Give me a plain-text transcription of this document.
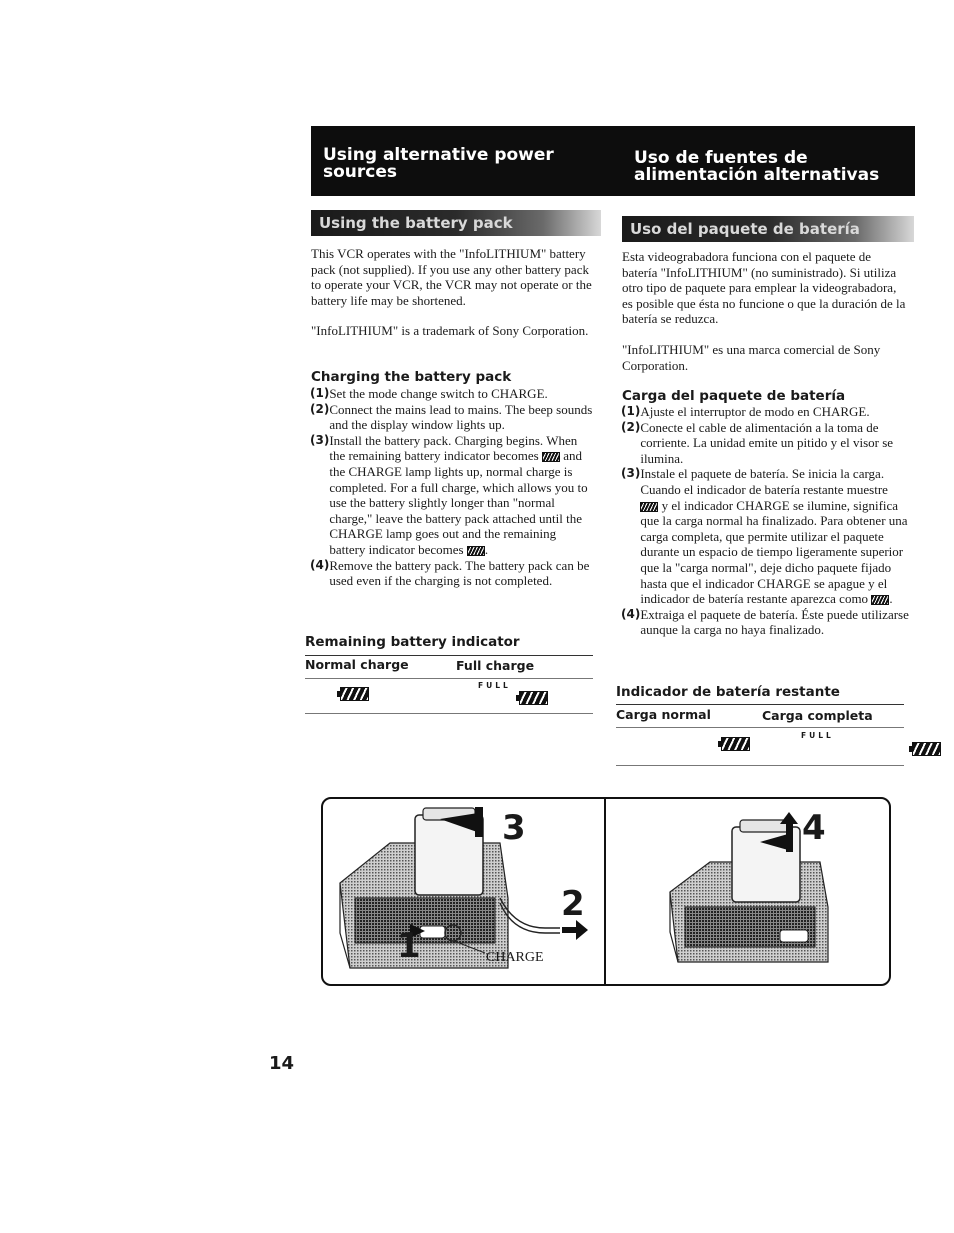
Using alternative power sources
Uso de fuentes de alimentación alternativas
Using the battery pack
This VCR operates with the "InfoLITHIUM" battery pack (not supplied). If you use any other battery pack to operate your VCR, the VCR may not operate or the battery life may be shortened.
"InfoLITHIUM" is a trademark of Sony Corporation.
Charging the battery pack
(1) Set the mode change switch to CHARGE.
(2) Connect the mains lead to mains. The beep sounds and the display window lights up.
(3) Install the battery pack. Charging begins. When the remaining battery indicator becomes and the CHARGE lamp lights up, normal charge is completed. For a full charge, which allows you to use the battery slightly longer than "normal charge," leave the battery pack attached until the CHARGE lamp goes out and the remaining battery indicator becomes .
(4) Remove the battery pack. The battery pack can be used even if the charging is not completed.
Remaining battery indicator
Normal charge	Full charge

FULL

Uso del paquete de batería
Esta videograbadora funciona con el paquete de batería "InfoLITHIUM" (no suministrado). Si utiliza otro tipo de paquete para emplear la videograbadora, es posible que ésta no funcione o que la duración de la batería se reduzca.
"InfoLITHIUM" es una marca comercial de Sony Corporation.
Carga del paquete de batería
(1) Ajuste el interruptor de modo en CHARGE.
(2) Conecte el cable de alimentación a la toma de corriente. La unidad emite un pitido y el visor se ilumina.
(3) Instale el paquete de batería. Se inicia la carga. Cuando el indicador de batería restante muestre  y el indicador CHARGE se ilumine, significa que la carga normal ha finalizado. Para obtener una carga completa, que permite utilizar el paquete durante un espacio de tiempo ligeramente superior que la "carga normal", deje dicho paquete fijado hasta que el indicador CHARGE se apague y el indicador de batería restante aparezca como .
(4) Extraiga el paquete de batería. Éste puede utilizarse aunque la carga no haya finalizado.
Indicador de batería restante
Carga normal	Carga completa

FULL
3
2
1	CHARGE
4
14
